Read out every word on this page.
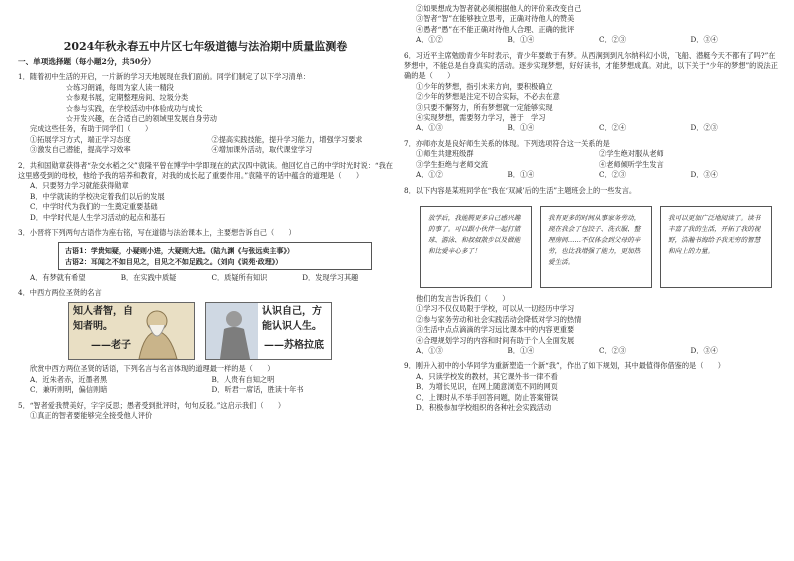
2024年秋永春五中片区七年级道德与法治期中质量监测卷
一、单项选择题（每小题2分，共50分）
1．随着初中生活的开启，一片新的学习天地展现在我们面前。同学们制定了以下学习清单：
☆练习朗诵，每周为家人读一精段
☆参观书展，定期整理房间、垃圾分类
☆参与实践，在学校活动中体验成功与成长
☆开发兴趣，在合适自己的领域里发展自身劳动
完成这些任务，有助于同学们（　　）
①拓展学习方式，端正学习态度	②提高实践技能，提升学习能力，增强学习要求
③激发自己潜能，提高学习效率	④增加课外活动，取代课堂学习
2．共和国勋章获得者“杂交水稻之父”袁隆平曾在博学中学即现在的武汉四中就读。他回忆自己的中学时光时说：“我在这里感受到的母校，他给予我的培养和教育，对我的成长起了重要作用。”袁隆平的话中蕴含的道理是（　　）
A．只要努力学习就能获得勋章
B．中学就读的学校决定着我们以后的发展
C．中学时代为我们的一生奠定重要基础
D．中学时代是人生学习活动的起点和基石
3．小晋将下列两句古语作为座右铭，写在道德与法治课本上，主要想告诉自己（　　）
古语1：学贵知疑，小疑则小进，大疑则大进。（陆九渊《与张远卖主事》）
古语2：耳闻之不如目见之，目见之不如足践之。（刘向《说苑·政理》）
A．有梦就有希望	B．在实践中质疑	C．质疑所有知识	D．发现学习其趣
4．中西方两位圣贤的名言
知人者智，自
知者明。
——老子
认识自己，方
能认识人生。
——苏格拉底
欣赏中西方两位圣贤的话语，下列名言与名言体现的道理最一样的是（　　）
A．近朱者赤，近墨者黑	B．人贵有自知之明
C．兼听则明，偏信则暗	D．听君一席话，胜读十年书
5．“智者爱我赞美好，字字反思；愚者受到批评时，句句反驳。”这启示我们（　　）
①真正的智者要能够完全接受他人评价
②如果想成为智者就必须根据他人的评价来改变自己
③智者“智”在能够独立思考，正确对待他人的赞美
④愚者“愚”在不能正确对待他人合理、正确的批评
A．①②	B．①④	C．②③	D．③④
6．习近平主席勉励青少年时表示，青少年要敢于有梦。从西涧到到凡尔纳科幻小说，飞船、潜艇今天不都有了吗?”在梦想中，不能总是自身真实的活动。逐步实现梦想，好好读书，才能梦想成真。对此，以下关于“少年的梦想”的说法正确的是（　　）
①少年的梦想，指引未来方向，要积极确立
②少年的梦想是注定不切合实际，不必去在意
③只要不懈努力，所有梦想就一定能够实现
④实现梦想，需要努力学习，善于　学习
A．①③	B．①④	C．②④	D．②③
7．亦师亦友是良好师生关系的体现。下列选项符合这一关系的是
①师生共建班级群	②学生绝对服从老师
③学生拒绝与老师交流	④老师倾听学生发言
A．①②	B．①④	C．②③	D．③④
8．以下内容是某班同学在“我在‘双减’后的生活”主题班会上的一些发言。
放学后，我能腾更多自己感兴趣的事了。可以跟小伙伴一起打篮球、游泳、和叔叔散步以及做能和比爱辛心多了！
我有更多的时间从事家务劳动，现在我会了包饺子、洗衣服、整理房间……不仅体会到父母的辛劳，也比我增强了能力，更加热爱生活。
我可以更加广泛地阅读了。读书丰富了我的生活，开拓了我的视野，浩瀚书海给予我无穷的智慧和向上的力量。
他们的发言告诉我们（　　）
①学习不仅仅局限于学校，可以从一切经历中学习
②参与家务劳动和社会实践活动会降低对学习的热情
③生活中点点滴滴的学习远比课本中的内容更重要
④合理规划学习的内容和时间有助于个人全面发展
A．①③	B．①④	C．②③	D．③④
9．刚升入初中的小华同学为重新塑造一个新“我”，作出了如下规划，其中最值得你借鉴的是（　　）
A．只读学校发的教材，其它课外书一律不看
B．为增长见识，在网上随意浏览不同的网页
C．上课时从不举手回答问题，防止答案错误
D．积极参加学校组织的各种社会实践活动
